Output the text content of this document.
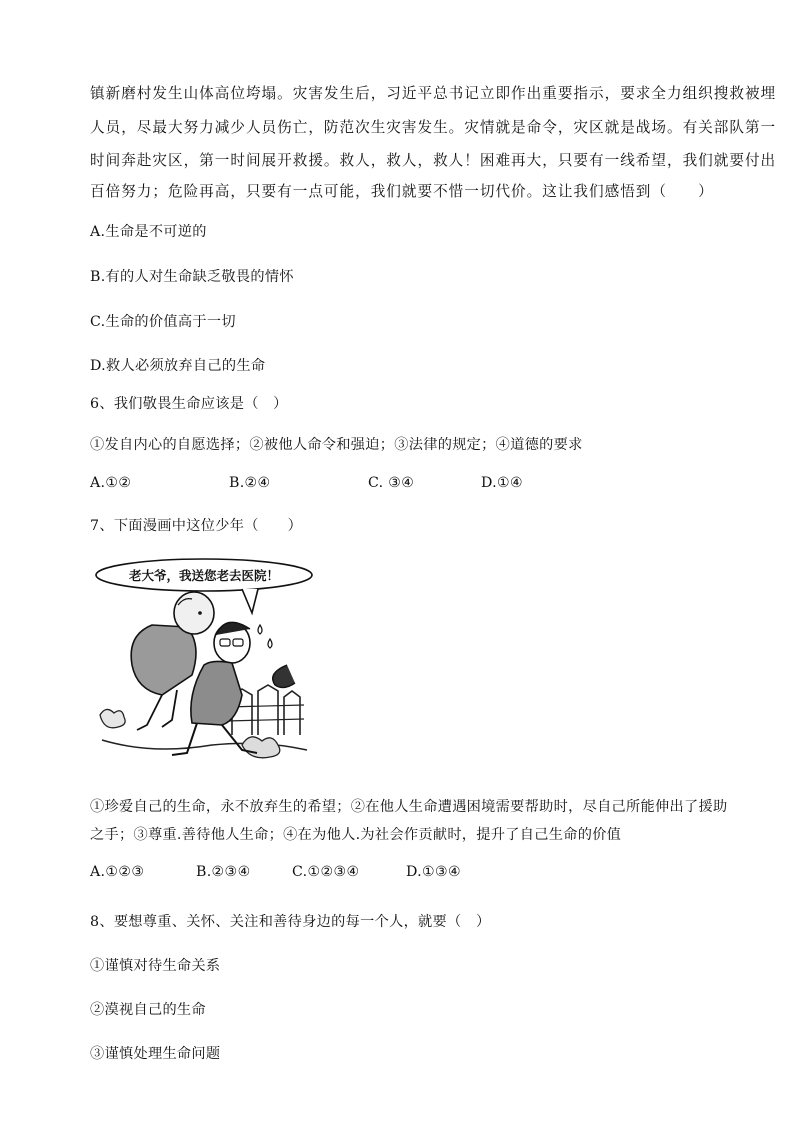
镇新磨村发生山体高位垮塌。灾害发生后，习近平总书记立即作出重要指示，要求全力组织搜救被埋
人员，尽最大努力减少人员伤亡，防范次生灾害发生。灾情就是命令，灾区就是战场。有关部队第一
时间奔赴灾区，第一时间展开救援。救人，救人，救人！困难再大，只要有一线希望，我们就要付出
百倍努力；危险再高，只要有一点可能，我们就要不惜一切代价。这让我们感悟到（　　）
A.生命是不可逆的
B.有的人对生命缺乏敬畏的情怀
C.生命的价值高于一切
D.救人必须放弃自己的生命
6、我们敬畏生命应该是（　）
①发自内心的自愿选择；②被他人命令和强迫；③法律的规定；④道德的要求
A.①②	B.②④	C. ③④	D.①④
7、下面漫画中这位少年（　　）
老大爷，我送您老去医院！
①珍爱自己的生命，永不放弃生的希望；②在他人生命遭遇困境需要帮助时，尽自己所能伸出了援助
之手；③尊重.善待他人生命；④在为他人.为社会作贡献时，提升了自己生命的价值
A.①②③	B.②③④	C.①②③④	D.①③④
8、要想尊重、关怀、关注和善待身边的每一个人，就要（　）
①谨慎对待生命关系
②漠视自己的生命
③谨慎处理生命问题
